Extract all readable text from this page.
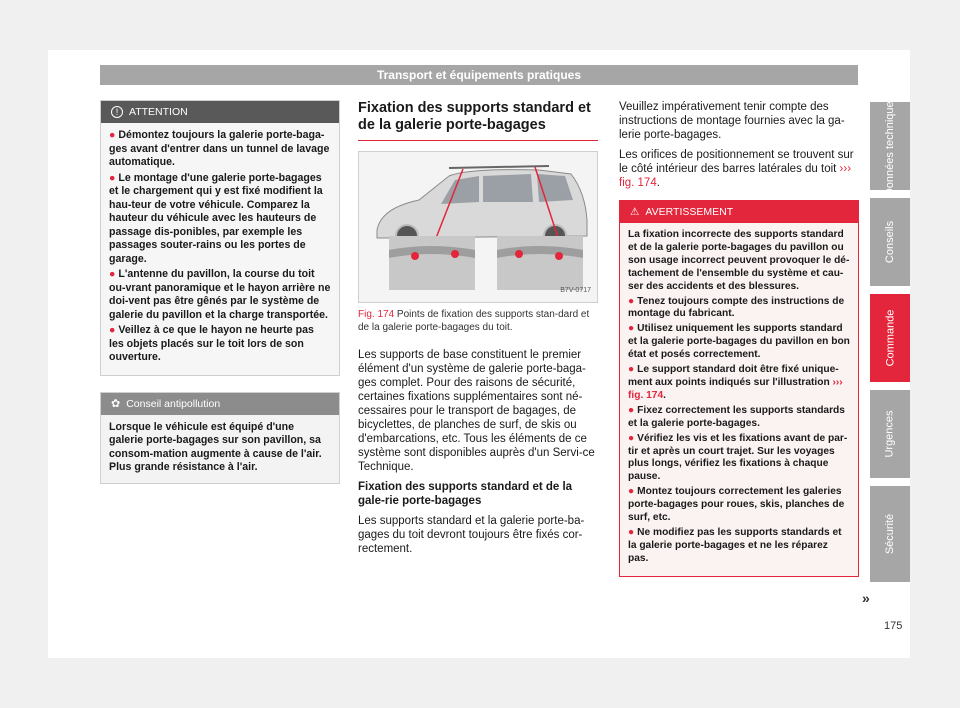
Transport et équipements pratiques
Données techniques
Conseils
Commande
Urgences
Sécurité
!	ATTENTION

● Démontez toujours la galerie porte-baga-ges avant d'entrer dans un tunnel de lavage automatique.

● Le montage d'une galerie porte-bagages et le chargement qui y est fixé modifient la hau-teur de votre véhicule. Comparez la hauteur du véhicule avec les hauteurs de passage dis-ponibles, par exemple les passages souter-rains ou les portes de garage.

● L'antenne du pavillon, la course du toit ou-vrant panoramique et le hayon arrière ne doi-vent pas être gênés par le système de galerie du pavillon et la charge transportée.

● Veillez à ce que le hayon ne heurte pas les objets placés sur le toit lors de son ouverture.

✿ Conseil antipollution
Lorsque le véhicule est équipé d'une galerie porte-bagages sur son pavillon, sa consom-mation augmente à cause de l'air. Plus grande résistance à l'air.
Fixation des supports standard et de la galerie porte-bagages
B7V-0717
Fig. 174 Points de fixation des supports stan-dard et de la galerie porte-bagages du toit.

Les supports de base constituent le premier élément d'un système de galerie porte-baga-ges complet. Pour des raisons de sécurité, certaines fixations supplémentaires sont né-cessaires pour le transport de bagages, de bicyclettes, de planches de surf, de skis ou d'embarcations, etc. Tous les éléments de ce système sont disponibles auprès d'un Servi-ce Technique.

Fixation des supports standard et de la gale-rie porte-bagages

Les supports standard et la galerie porte-ba-gages du toit devront toujours être fixés cor-rectement.

Veuillez impérativement tenir compte des instructions de montage fournies avec la ga-lerie porte-bagages.

Les orifices de positionnement se trouvent sur le côté intérieur des barres latérales du toit ››› fig. 174.

⚠ AVERTISSEMENT

La fixation incorrecte des supports standard et de la galerie porte-bagages du pavillon ou son usage incorrect peuvent provoquer le dé-tachement de l'ensemble du système et cau-ser des accidents et des blessures.

● Tenez toujours compte des instructions de montage du fabricant.

● Utilisez uniquement les supports standard et la galerie porte-bagages du pavillon en bon état et posés correctement.

● Le support standard doit être fixé unique-ment aux points indiqués sur l'illustration ››› fig. 174.

● Fixez correctement les supports standards et la galerie porte-bagages.

● Vérifiez les vis et les fixations avant de par-tir et après un court trajet. Sur les voyages plus longs, vérifiez les fixations à chaque pause.

● Montez toujours correctement les galeries porte-bagages pour roues, skis, planches de surf, etc.

● Ne modifiez pas les supports standards et la galerie porte-bagages et ne les réparez pas.

»
175
